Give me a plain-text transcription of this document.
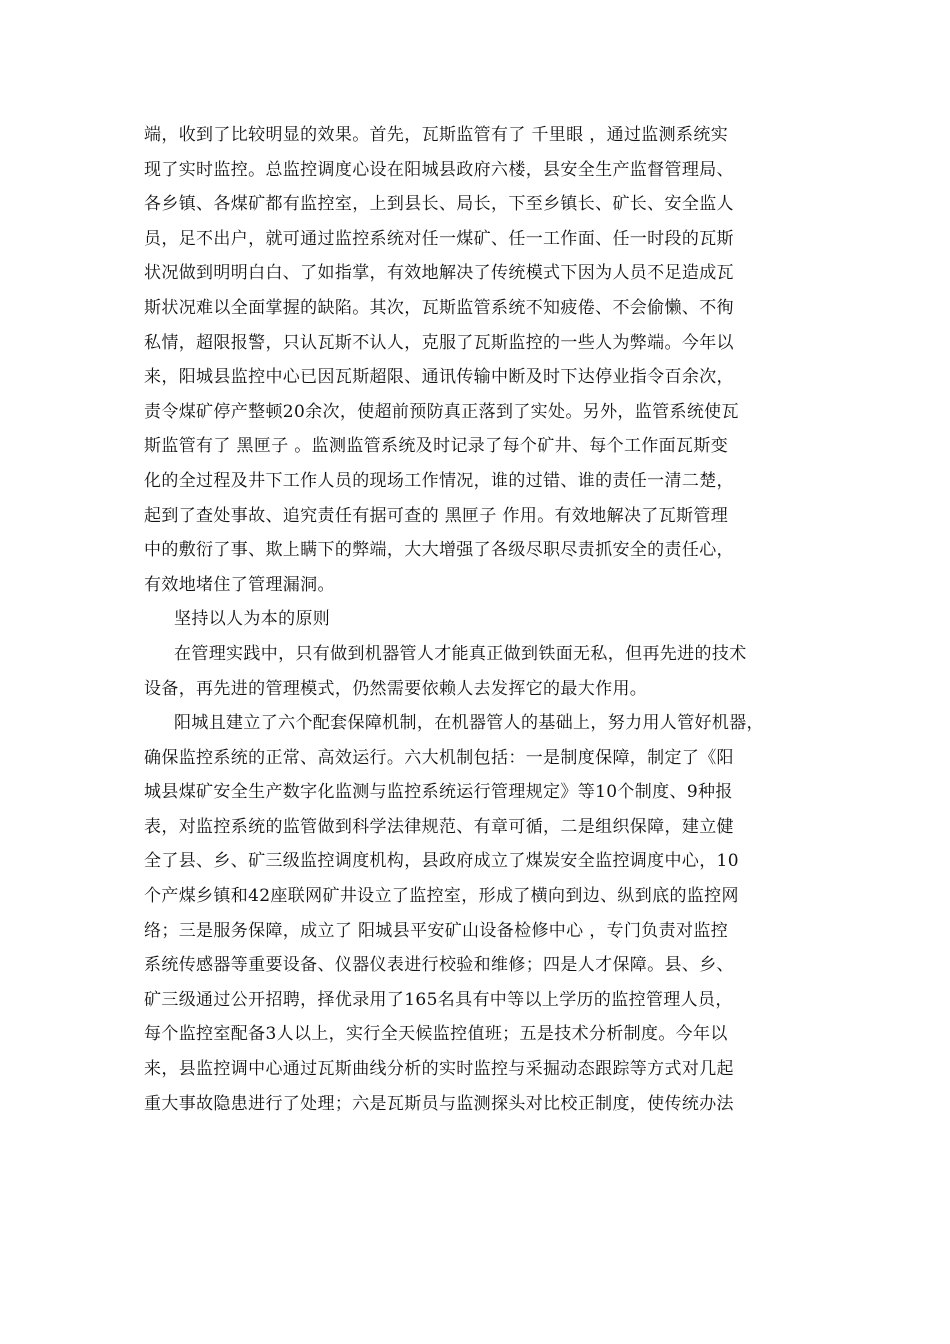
端，收到了比较明显的效果。首先，瓦斯监管有了 千里眼 ，通过监测系统实
现了实时监控。总监控调度心设在阳城县政府六楼，县安全生产监督管理局、
各乡镇、各煤矿都有监控室，上到县长、局长，下至乡镇长、矿长、安全监人
员，足不出户，就可通过监控系统对任一煤矿、任一工作面、任一时段的瓦斯
状况做到明明白白、了如指掌，有效地解决了传统模式下因为人员不足造成瓦
斯状况难以全面掌握的缺陷。其次，瓦斯监管系统不知疲倦、不会偷懒、不徇
私情，超限报警，只认瓦斯不认人，克服了瓦斯监控的一些人为弊端。今年以
来，阳城县监控中心已因瓦斯超限、通讯传输中断及时下达停业指令百余次，
责令煤矿停产整顿20余次，使超前预防真正落到了实处。另外，监管系统使瓦
斯监管有了 黑匣子 。监测监管系统及时记录了每个矿井、每个工作面瓦斯变
化的全过程及井下工作人员的现场工作情况，谁的过错、谁的责任一清二楚，
起到了查处事故、追究责任有据可查的 黑匣子 作用。有效地解决了瓦斯管理
中的敷衍了事、欺上瞒下的弊端，大大增强了各级尽职尽责抓安全的责任心，
有效地堵住了管理漏洞。
坚持以人为本的原则
在管理实践中，只有做到机器管人才能真正做到铁面无私，但再先进的技术
设备，再先进的管理模式，仍然需要依赖人去发挥它的最大作用。
阳城且建立了六个配套保障机制，在机器管人的基础上，努力用人管好机器，
确保监控系统的正常、高效运行。六大机制包括：一是制度保障，制定了《阳
城县煤矿安全生产数字化监测与监控系统运行管理规定》等10个制度、9种报
表，对监控系统的监管做到科学法律规范、有章可循，二是组织保障，建立健
全了县、乡、矿三级监控调度机构，县政府成立了煤炭安全监控调度中心，10
个产煤乡镇和42座联网矿井设立了监控室，形成了横向到边、纵到底的监控网
络；三是服务保障，成立了 阳城县平安矿山设备检修中心 ，专门负责对监控
系统传感器等重要设备、仪器仪表进行校验和维修；四是人才保障。县、乡、
矿三级通过公开招聘，择优录用了165名具有中等以上学历的监控管理人员，
每个监控室配备3人以上，实行全天候监控值班；五是技术分析制度。今年以
来，县监控调中心通过瓦斯曲线分析的实时监控与采掘动态跟踪等方式对几起
重大事故隐患进行了处理；六是瓦斯员与监测探头对比校正制度，使传统办法
